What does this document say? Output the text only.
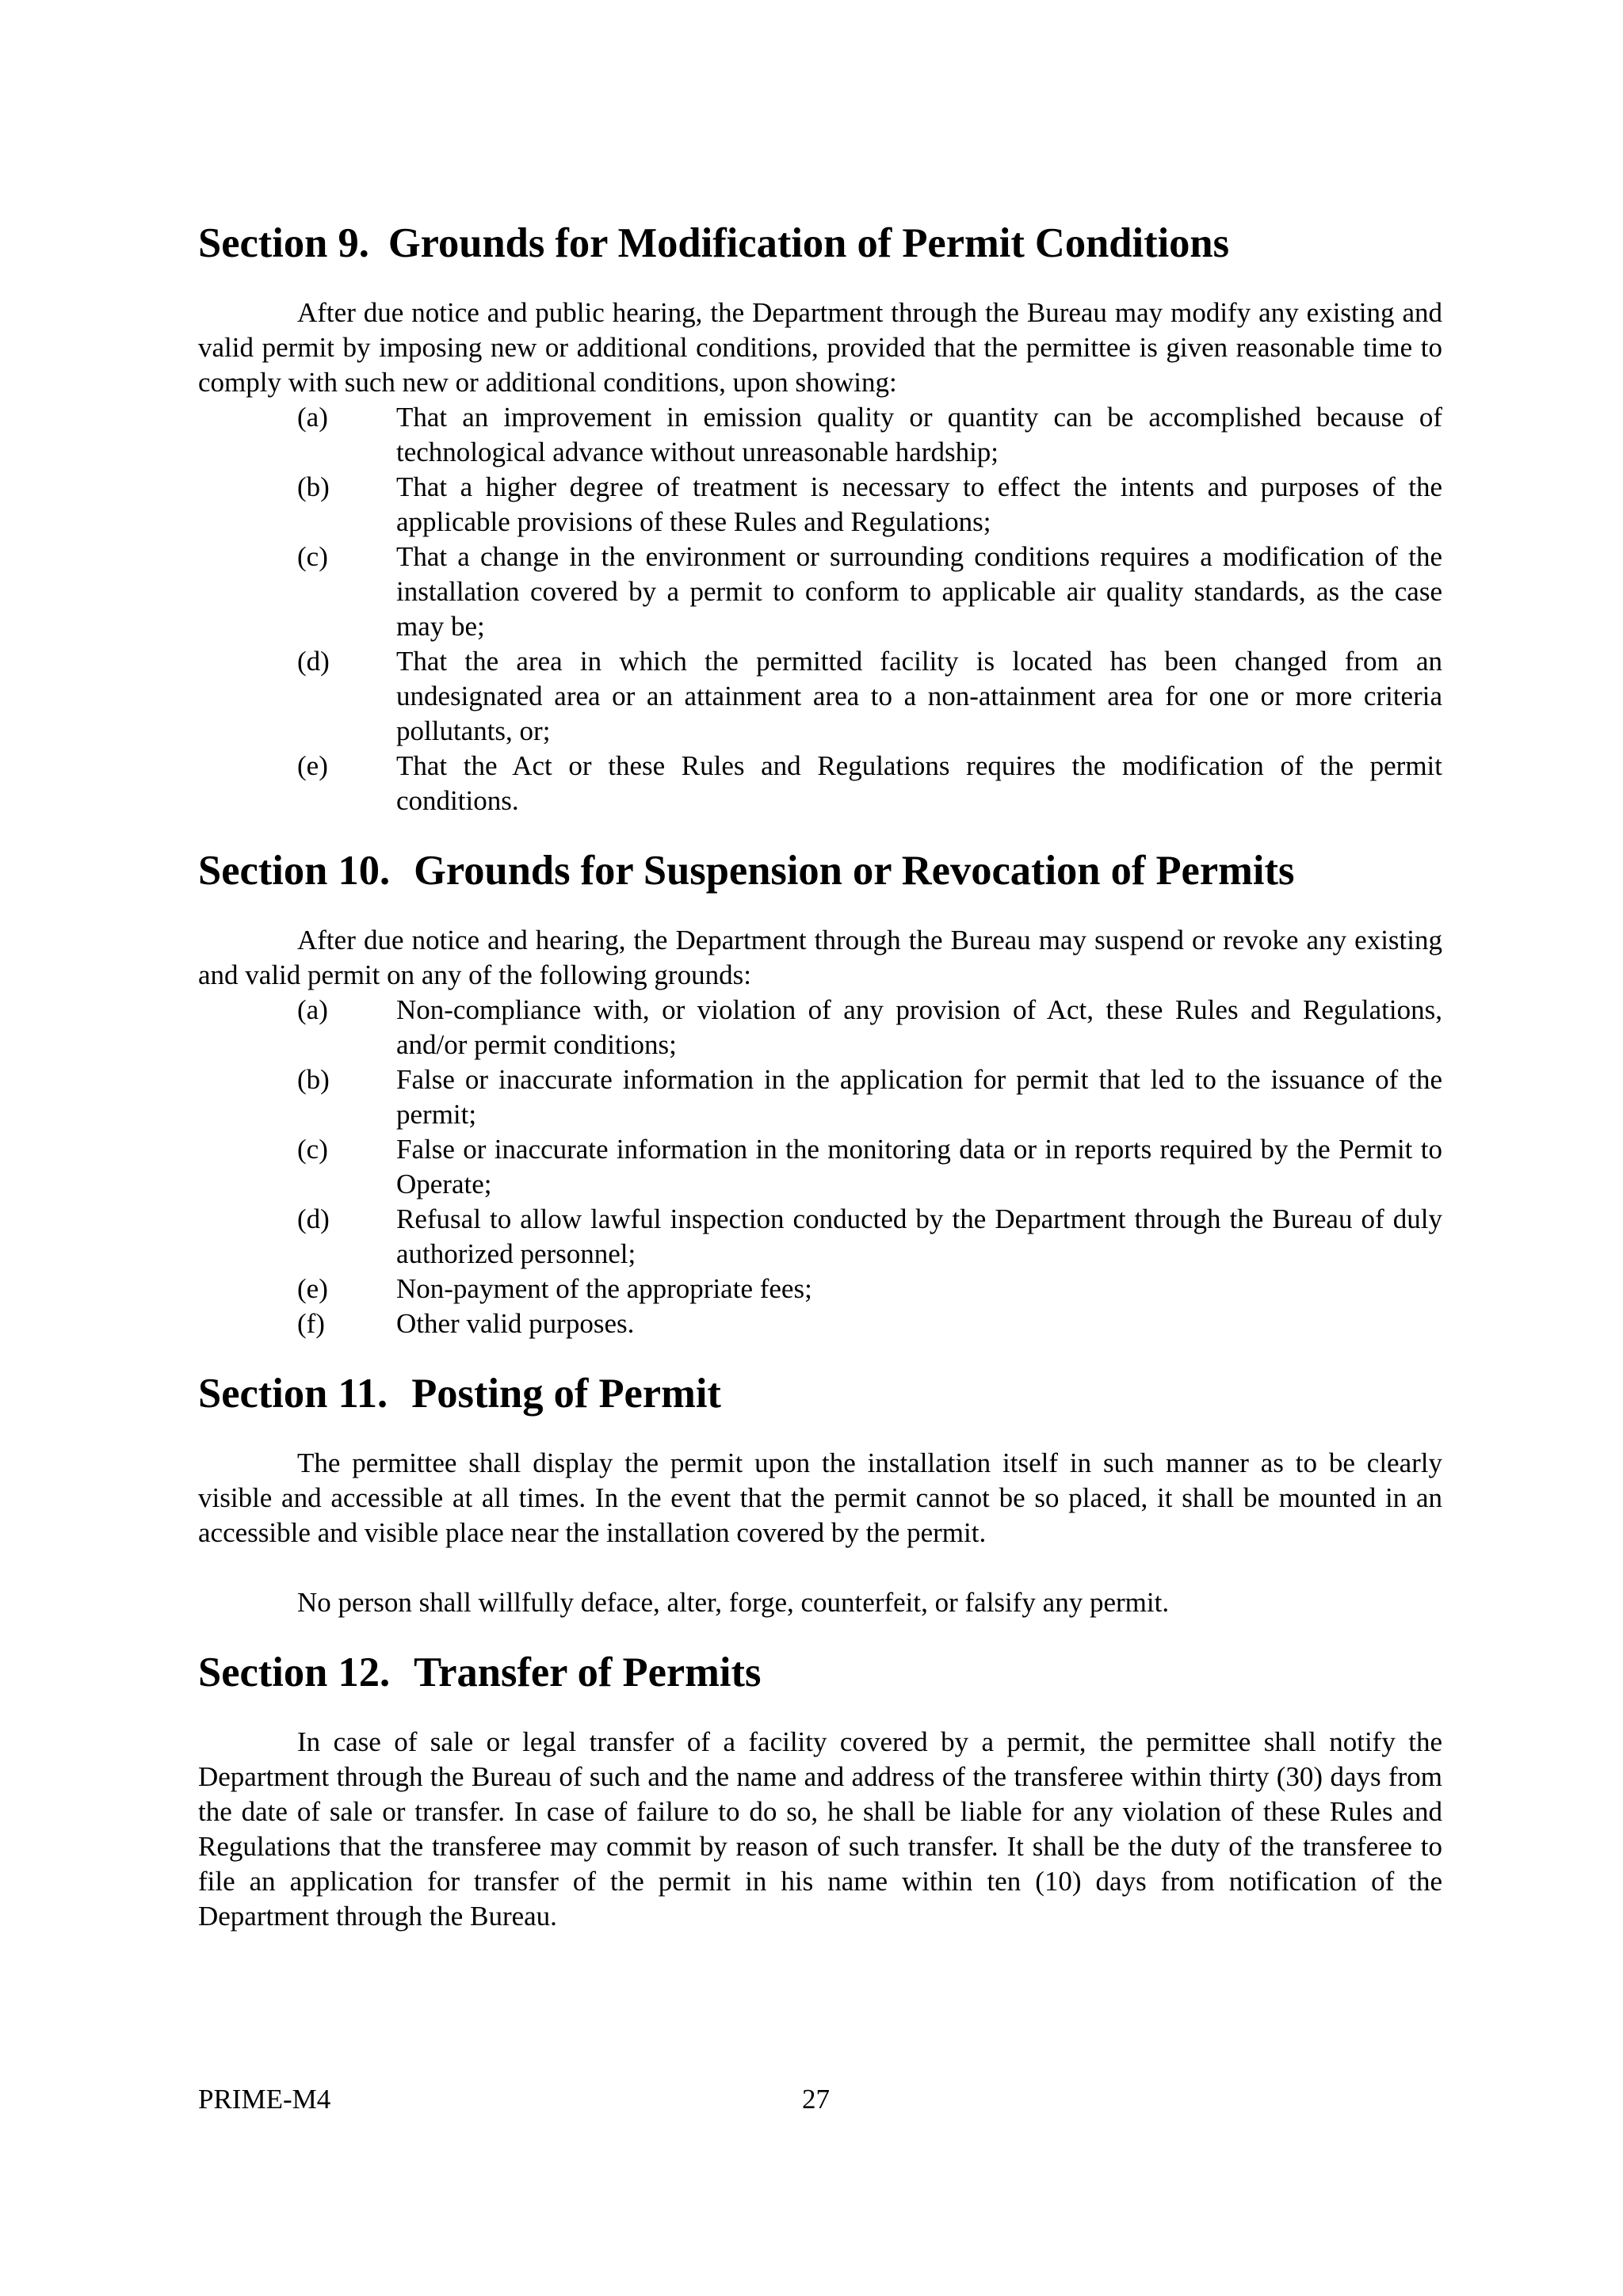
Section 9. Grounds for Modification of Permit Conditions

After due notice and public hearing, the Department through the Bureau may modify any existing and valid permit by imposing new or additional conditions, provided that the permittee is given reasonable time to comply with such new or additional conditions, upon showing:

(a)	That an improvement in emission quality or quantity can be accomplished because of technological advance without unreasonable hardship;
(b)	That a higher degree of treatment is necessary to effect the intents and purposes of the applicable provisions of these Rules and Regulations;
(c)	That a change in the environment or surrounding conditions requires a modification of the installation covered by a permit to conform to applicable air quality standards, as the case may be;
(d)	That the area in which the permitted facility is located has been changed from an undesignated area or an attainment area to a non-attainment area for one or more criteria pollutants, or;
(e)	That the Act or these Rules and Regulations requires the modification of the permit conditions.
Section 10. Grounds for Suspension or Revocation of Permits

After due notice and hearing, the Department through the Bureau may suspend or revoke any existing and valid permit on any of the following grounds:

(a)	Non-compliance with, or violation of any provision of Act, these Rules and Regulations, and/or permit conditions;
(b)	False or inaccurate information in the application for permit that led to the issuance of the permit;
(c)	False or inaccurate information in the monitoring data or in reports required by the Permit to Operate;
(d)	Refusal to allow lawful inspection conducted by the Department through the Bureau of duly authorized personnel;
(e)	Non-payment of the appropriate fees;
(f)	Other valid purposes.
Section 11. Posting of Permit

The permittee shall display the permit upon the installation itself in such manner as to be clearly visible and accessible at all times. In the event that the permit cannot be so placed, it shall be mounted in an accessible and visible place near the installation covered by the permit.

No person shall willfully deface, alter, forge, counterfeit, or falsify any permit.

Section 12. Transfer of Permits

In case of sale or legal transfer of a facility covered by a permit, the permittee shall notify the Department through the Bureau of such and the name and address of the transferee within thirty (30) days from the date of sale or transfer. In case of failure to do so, he shall be liable for any violation of these Rules and Regulations that the transferee may commit by reason of such transfer. It shall be the duty of the transferee to file an application for transfer of the permit in his name within ten (10) days from notification of the Department through the Bureau.

PRIME-M4	27
